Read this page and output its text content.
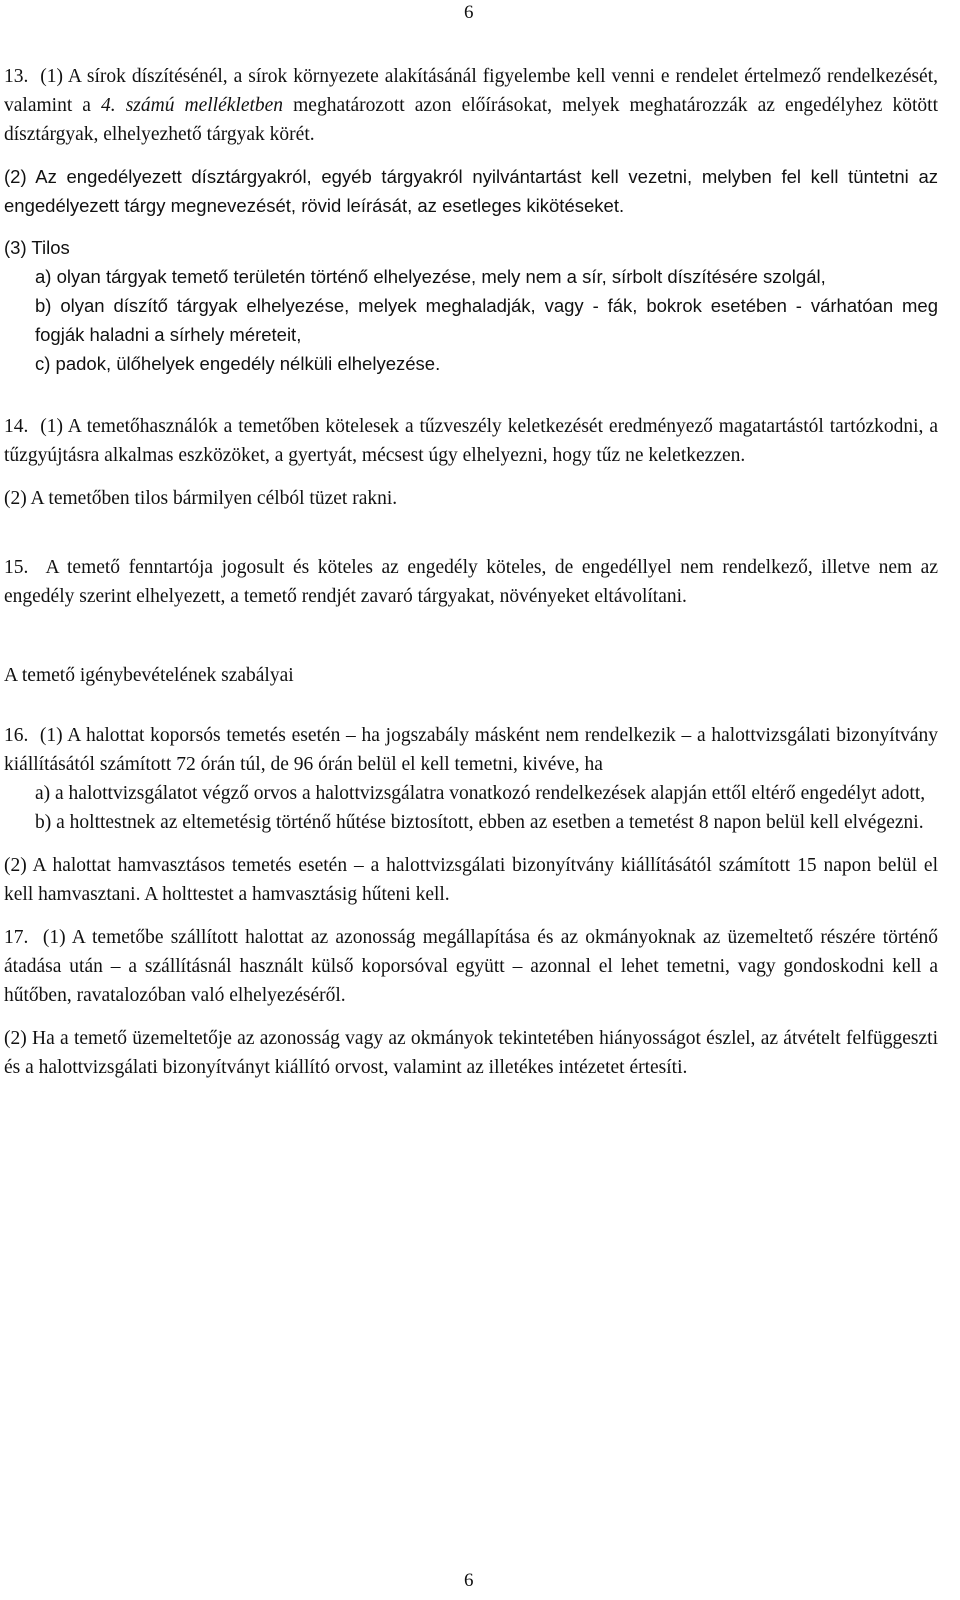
6

13. (1) A sírok díszítésénél, a sírok környezete alakításánál figyelembe kell venni e rendelet értelmező rendelkezését, valamint a 4. számú mellékletben meghatározott azon előírásokat, melyek meghatározzák az engedélyhez kötött dísztárgyak, elhelyezhető tárgyak körét.

(2) Az engedélyezett dísztárgyakról, egyéb tárgyakról nyilvántartást kell vezetni, melyben fel kell tüntetni az engedélyezett tárgy megnevezését, rövid leírását, az esetleges kikötéseket.

(3) Tilos

a) olyan tárgyak temető területén történő elhelyezése, mely nem a sír, sírbolt díszítésére szolgál,

b) olyan díszítő tárgyak elhelyezése, melyek meghaladják, vagy - fák, bokrok esetében - várhatóan meg fogják haladni a sírhely méreteit,

c) padok, ülőhelyek engedély nélküli elhelyezése.

14. (1) A temetőhasználók a temetőben kötelesek a tűzveszély keletkezését eredményező magatartástól tartózkodni, a tűzgyújtásra alkalmas eszközöket, a gyertyát, mécsest úgy elhelyezni, hogy tűz ne keletkezzen.

(2) A temetőben tilos bármilyen célból tüzet rakni.

15. A temető fenntartója jogosult és köteles az engedély köteles, de engedéllyel nem rendelkező, illetve nem az engedély szerint elhelyezett, a temető rendjét zavaró tárgyakat, növényeket eltávolítani.

A temető igénybevételének szabályai

16. (1) A halottat koporsós temetés esetén – ha jogszabály másként nem rendelkezik – a halottvizsgálati bizonyítvány kiállításától számított 72 órán túl, de 96 órán belül el kell temetni, kivéve, ha

a) a halottvizsgálatot végző orvos a halottvizsgálatra vonatkozó rendelkezések alapján ettől eltérő engedélyt adott,

b) a holttestnek az eltemetésig történő hűtése biztosított, ebben az esetben a temetést 8 napon belül kell elvégezni.

(2) A halottat hamvasztásos temetés esetén – a halottvizsgálati bizonyítvány kiállításától számított 15 napon belül el kell hamvasztani. A holttestet a hamvasztásig hűteni kell.

17. (1) A temetőbe szállított halottat az azonosság megállapítása és az okmányoknak az üzemeltető részére történő átadása után – a szállításnál használt külső koporsóval együtt – azonnal el lehet temetni, vagy gondoskodni kell a hűtőben, ravatalozóban való elhelyezéséről.

(2) Ha a temető üzemeltetője az azonosság vagy az okmányok tekintetében hiányosságot észlel, az átvételt felfüggeszti és a halottvizsgálati bizonyítványt kiállító orvost, valamint az illetékes intézetet értesíti.

6
